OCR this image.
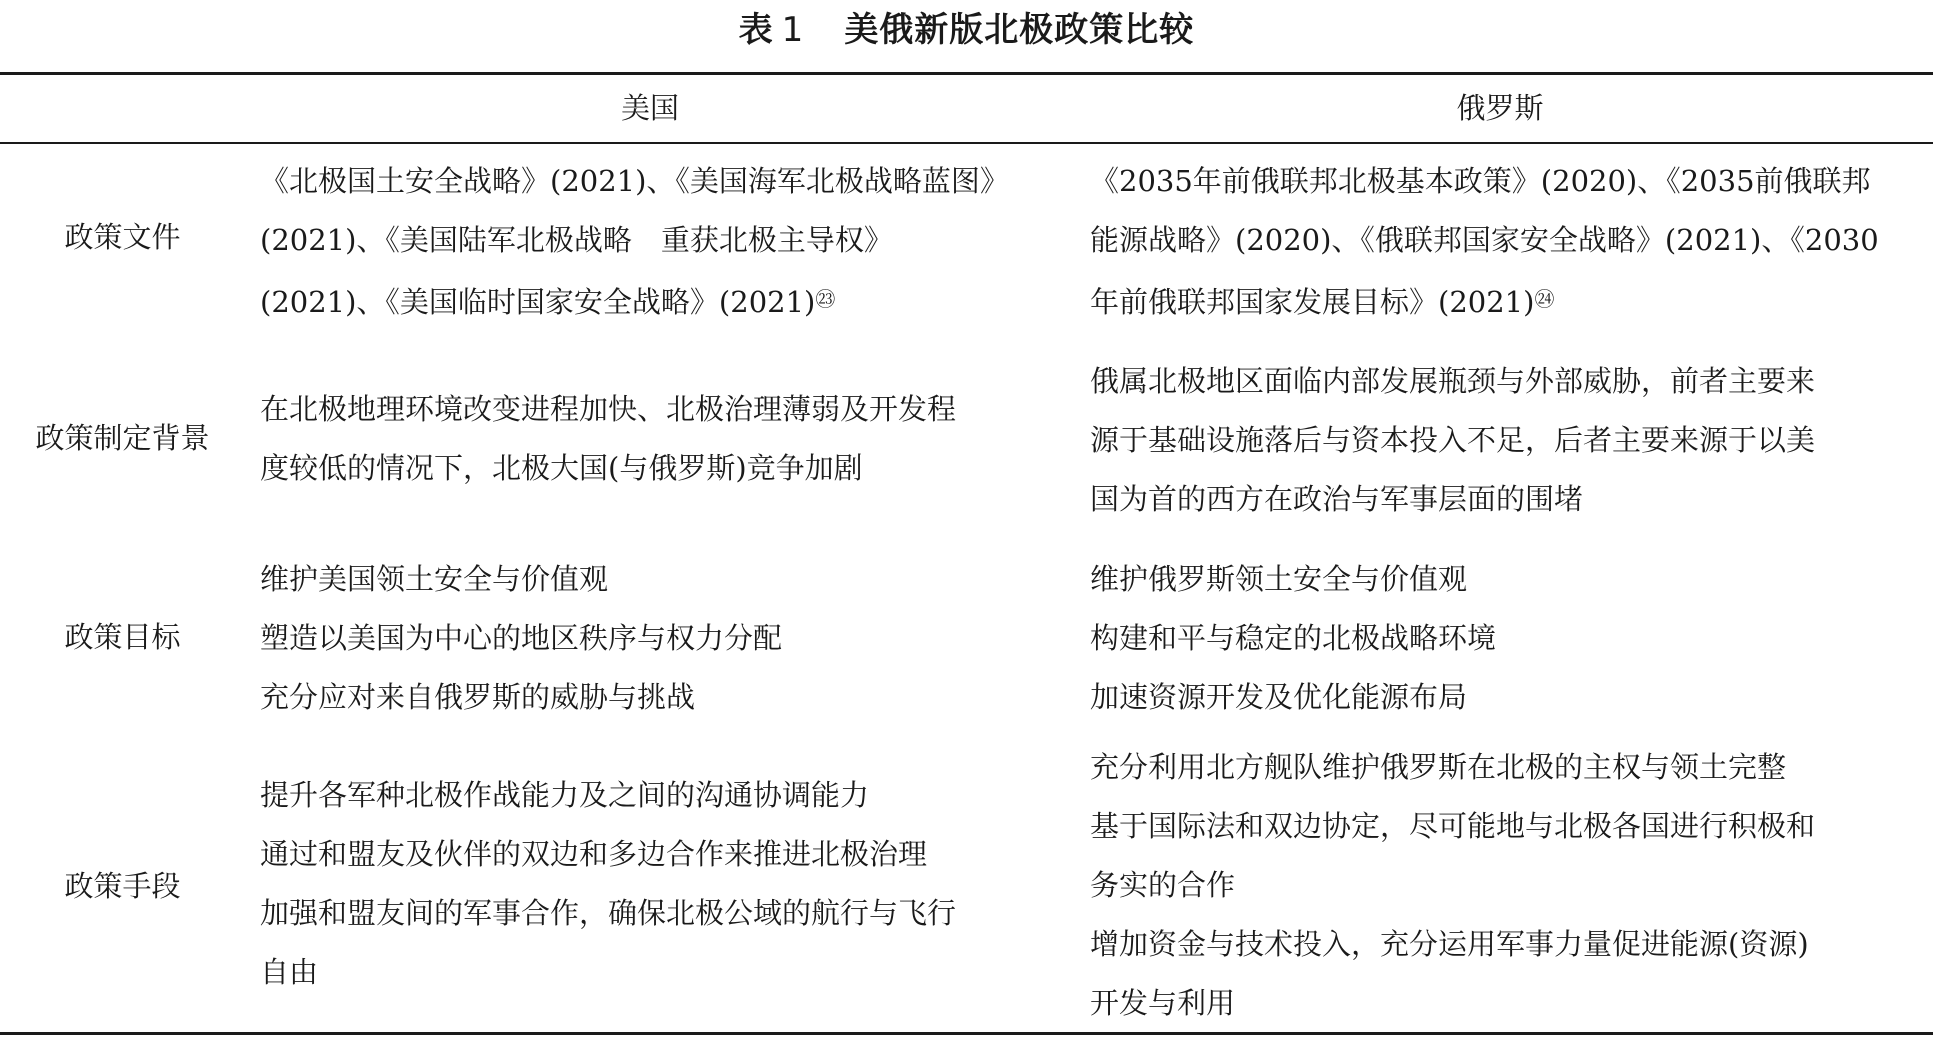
表 1 美俄新版北极政策比较
美国	俄罗斯
政策文件
《北极国土安全战略》(2021)、《美国海军北极战略蓝图》
(2021)、《美国陆军北极战略　重获北极主导权》
(2021)、《美国临时国家安全战略》$(2021)^㉓$
《2035年前俄联邦北极基本政策》(2020)、《2035前俄联邦
能源战略》(2020)、《俄联邦国家安全战略》(2021)、《2030
年前俄联邦国家发展目标》$(2021)^㉔$
政策制定背景
在北极地理环境改变进程加快、北极治理薄弱及开发程
度较低的情况下，北极大国(与俄罗斯)竞争加剧
俄属北极地区面临内部发展瓶颈与外部威胁，前者主要来
源于基础设施落后与资本投入不足，后者主要来源于以美
国为首的西方在政治与军事层面的围堵
政策目标
维护美国领土安全与价值观
塑造以美国为中心的地区秩序与权力分配
充分应对来自俄罗斯的威胁与挑战
维护俄罗斯领土安全与价值观
构建和平与稳定的北极战略环境
加速资源开发及优化能源布局
政策手段
提升各军种北极作战能力及之间的沟通协调能力
通过和盟友及伙伴的双边和多边合作来推进北极治理
加强和盟友间的军事合作，确保北极公域的航行与飞行
自由
充分利用北方舰队维护俄罗斯在北极的主权与领土完整
基于国际法和双边协定，尽可能地与北极各国进行积极和
务实的合作
增加资金与技术投入，充分运用军事力量促进能源(资源)
开发与利用
